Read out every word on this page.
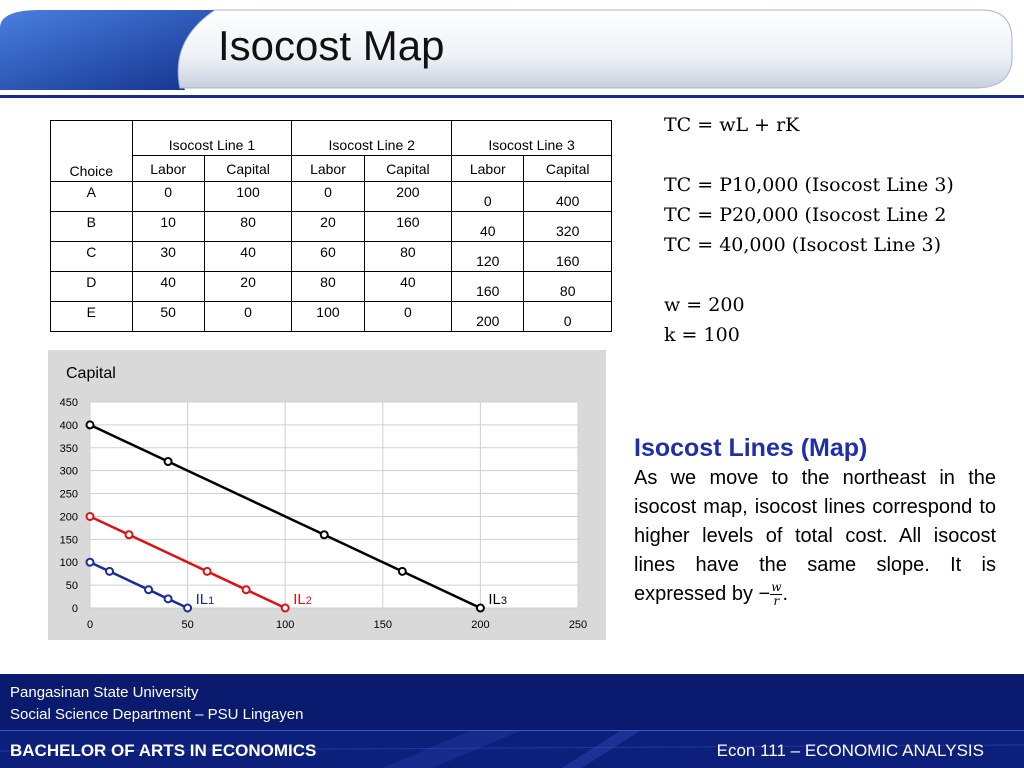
Isocost Map
Choice	Isocost Line 1		Isocost Line 2		Isocost Line 3	
	Labor	Capital	Labor	Capital	Labor	Capital
A	0	100	0	200	0	400
B	10	80	20	160	40	320
C	30	40	60	80	120	160
D	40	20	80	40	160	80
E	50	0	100	0	200	0
TC = wL + rK
TC = P10,000 (Isocost Line 3)
TC = P20,000 (Isocost Line 2
TC = 40,000 (Isocost Line 3)
w = 200
k = 100
0
50
100
150
200
250
300
350
400
450
0	50	100	150	200	250
Capital
IL1	IL2	IL3
Isocost Lines (Map)
As we move to the northeast in the isocost map, isocost lines correspond to higher levels of total cost. All isocost lines have the same slope. It is expressed by − $\frac{w}{r}$ .
Pangasinan State University
Social Science Department – PSU Lingayen
BACHELOR OF ARTS IN ECONOMICS	Econ 111 – ECONOMIC ANALYSIS
